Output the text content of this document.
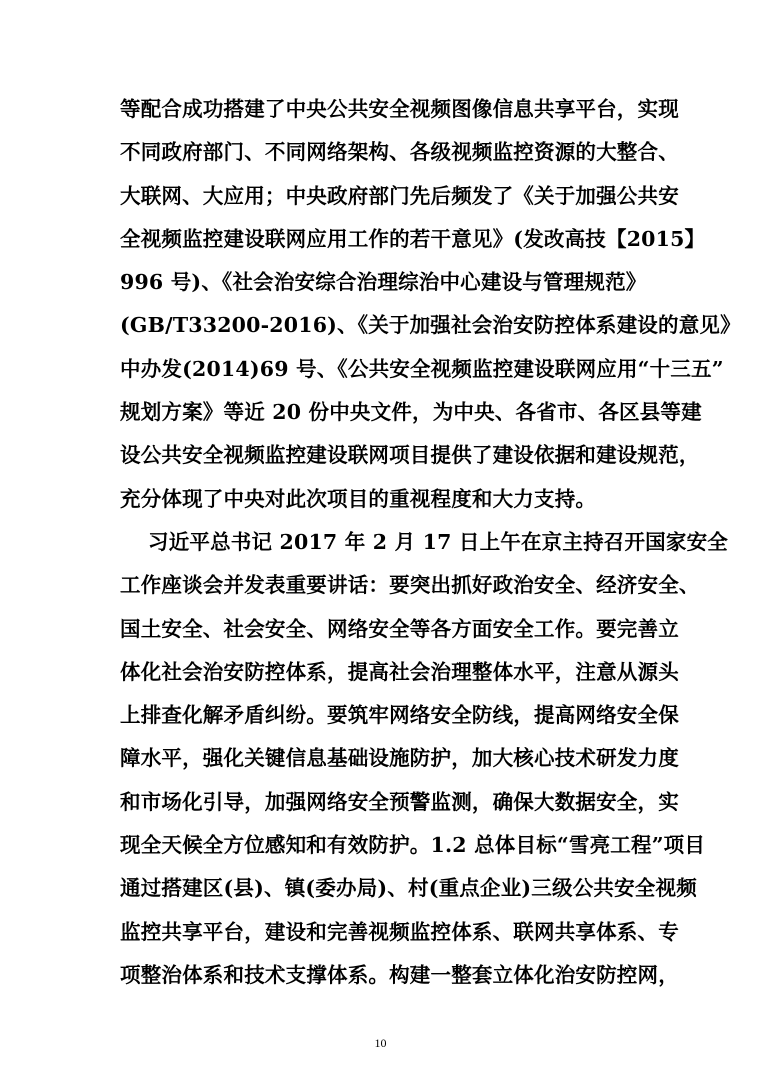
等配合成功搭建了中央公共安全视频图像信息共享平台，实现
不同政府部门、不同网络架构、各级视频监控资源的大整合、
大联网、大应用；中央政府部门先后频发了《关于加强公共安
全视频监控建设联网应用工作的若干意见》(发改高技【2015】
996 号)、《社会治安综合治理综治中心建设与管理规范》
(GB/T33200-2016)、《关于加强社会治安防控体系建设的意见》
中办发(2014)69 号、《公共安全视频监控建设联网应用“十三五”
规划方案》等近 20 份中央文件，为中央、各省市、各区县等建
设公共安全视频监控建设联网项目提供了建设依据和建设规范，
充分体现了中央对此次项目的重视程度和大力支持。
习近平总书记 2017 年 2 月 17 日上午在京主持召开国家安全
工作座谈会并发表重要讲话：要突出抓好政治安全、经济安全、
国土安全、社会安全、网络安全等各方面安全工作。要完善立
体化社会治安防控体系，提高社会治理整体水平，注意从源头
上排查化解矛盾纠纷。要筑牢网络安全防线，提高网络安全保
障水平，强化关键信息基础设施防护，加大核心技术研发力度
和市场化引导，加强网络安全预警监测，确保大数据安全，实
现全天候全方位感知和有效防护。1.2 总体目标“雪亮工程”项目
通过搭建区(县)、镇(委办局)、村(重点企业)三级公共安全视频
监控共享平台，建设和完善视频监控体系、联网共享体系、专
项整治体系和技术支撑体系。构建一整套立体化治安防控网，
10
